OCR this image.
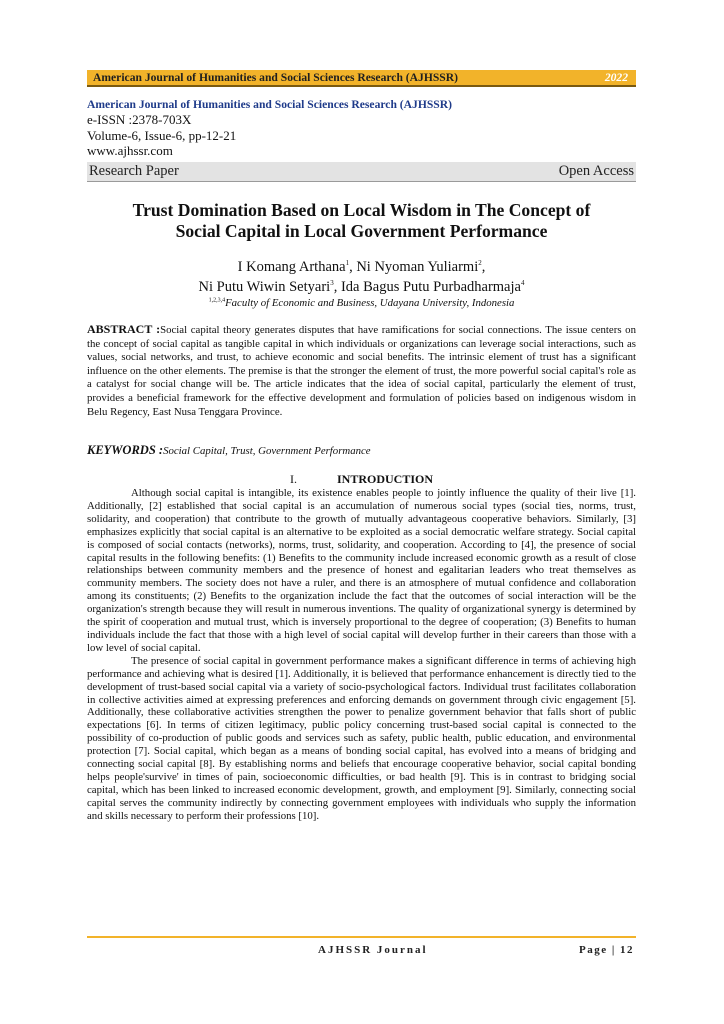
American Journal of Humanities and Social Sciences Research (AJHSSR)	2022
American Journal of Humanities and Social Sciences Research (AJHSSR)
e-ISSN :2378-703X
Volume-6, Issue-6, pp-12-21
www.ajhssr.com
Research Paper	Open Access
Trust Domination Based on Local Wisdom in The Concept of
Social Capital in Local Government Performance
I Komang Arthana$^1$, Ni Nyoman Yuliarmi$^2$,
Ni Putu Wiwin Setyari$^3$, Ida Bagus Putu Purbadharmaja$^4$
$^{1,2,3,4}$Faculty of Economic and Business, Udayana University, Indonesia
ABSTRACT :Social capital theory generates disputes that have ramifications for social connections. The issue centers on the concept of social capital as tangible capital in which individuals or organizations can leverage social interactions, such as values, social networks, and trust, to achieve economic and social benefits. The intrinsic element of trust has a significant influence on the other elements. The premise is that the stronger the element of trust, the more powerful social capital's role as a catalyst for social change will be. The article indicates that the idea of social capital, particularly the element of trust, provides a beneficial framework for the effective development and formulation of policies based on indigenous wisdom in Belu Regency, East Nusa Tenggara Province.
KEYWORDS :Social Capital, Trust, Government Performance
I.	INTRODUCTION

Although social capital is intangible, its existence enables people to jointly influence the quality of their live [1]. Additionally, [2] established that social capital is an accumulation of numerous social types (social ties, norms, trust, solidarity, and cooperation) that contribute to the growth of mutually advantageous cooperative behaviors. Similarly, [3] emphasizes explicitly that social capital is an alternative to be exploited as a social democratic welfare strategy. Social capital is composed of social contacts (networks), norms, trust, solidarity, and cooperation. According to [4], the presence of social capital results in the following benefits: (1) Benefits to the community include increased economic growth as a result of close relationships between community members and the presence of honest and egalitarian leaders who treat themselves as community members. The society does not have a ruler, and there is an atmosphere of mutual confidence and collaboration among its constituents; (2) Benefits to the organization include the fact that the outcomes of social interaction will be the organization's strength because they will result in numerous inventions. The quality of organizational synergy is determined by the spirit of cooperation and mutual trust, which is inversely proportional to the degree of cooperation; (3) Benefits to human individuals include the fact that those with a high level of social capital will develop further in their careers than those with a low level of social capital.

The presence of social capital in government performance makes a significant difference in terms of achieving high performance and achieving what is desired [1]. Additionally, it is believed that performance enhancement is directly tied to the development of trust-based social capital via a variety of socio-psychological factors. Individual trust facilitates collaboration in collective activities aimed at expressing preferences and enforcing demands on government through civic engagement [5]. Additionally, these collaborative activities strengthen the power to penalize government behavior that falls short of public expectations [6]. In terms of citizen legitimacy, public policy concerning trust-based social capital is connected to the possibility of co-production of public goods and services such as safety, public health, public education, and environmental protection [7]. Social capital, which began as a means of bonding social capital, has evolved into a means of bridging and connecting social capital [8]. By establishing norms and beliefs that encourage cooperative behavior, social capital bonding helps people'survive' in times of pain, socioeconomic difficulties, or bad health [9]. This is in contrast to bridging social capital, which has been linked to increased economic development, growth, and employment [9]. Similarly, connecting social capital serves the community indirectly by connecting government employees with individuals who supply the information and skills necessary to perform their professions [10].

AJHSSR Journal	Page | 12
